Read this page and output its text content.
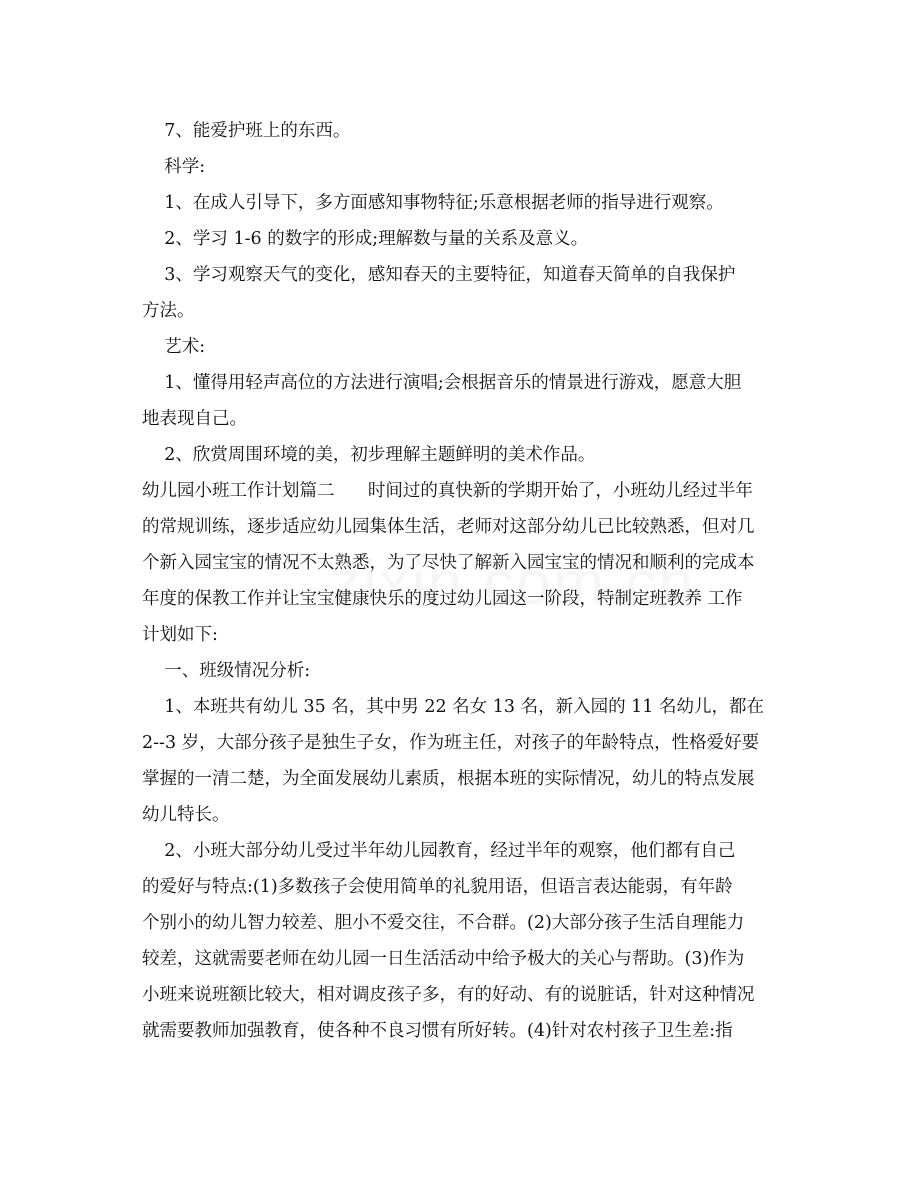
7、能爱护班上的东西。
科学:
1、在成人引导下，多方面感知事物特征;乐意根据老师的指导进行观察。
2、学习 1-6 的数字的形成;理解数与量的关系及意义。
3、学习观察天气的变化，感知春天的主要特征，知道春天简单的自我保护
方法。
艺术:
1、懂得用轻声高位的方法进行演唱;会根据音乐的情景进行游戏，愿意大胆
地表现自己。
2、欣赏周围环境的美，初步理解主题鲜明的美术作品。
幼儿园小班工作计划篇二      时间过的真快新的学期开始了，小班幼儿经过半年
的常规训练，逐步适应幼儿园集体生活，老师对这部分幼儿已比较熟悉，但对几
个新入园宝宝的情况不太熟悉，为了尽快了解新入园宝宝的情况和顺利的完成本
年度的保教工作并让宝宝健康快乐的度过幼儿园这一阶段，特制定班教养 工作
计划如下:
一、班级情况分析:
1、本班共有幼儿 35 名，其中男 22 名女 13 名，新入园的 11 名幼儿，都在
2--3 岁，大部分孩子是独生子女，作为班主任，对孩子的年龄特点，性格爱好要
掌握的一清二楚，为全面发展幼儿素质，根据本班的实际情况，幼儿的特点发展
幼儿特长。
2、小班大部分幼儿受过半年幼儿园教育，经过半年的观察，他们都有自己
的爱好与特点:(1)多数孩子会使用简单的礼貌用语，但语言表达能弱，有年龄
个别小的幼儿智力较差、胆小不爱交往，不合群。(2)大部分孩子生活自理能力
较差，这就需要老师在幼儿园一日生活活动中给予极大的关心与帮助。(3)作为
小班来说班额比较大，相对调皮孩子多，有的好动、有的说脏话，针对这种情况
就需要教师加强教育，使各种不良习惯有所好转。(4)针对农村孩子卫生差:指
